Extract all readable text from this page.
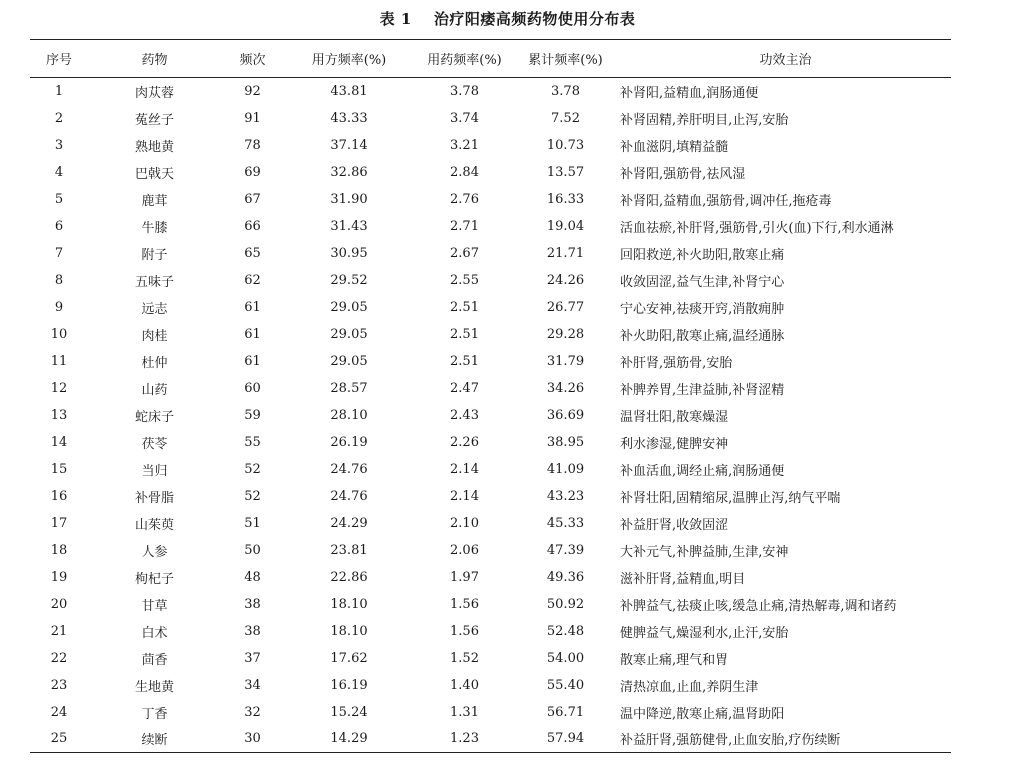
表 1 治疗阳痿高频药物使用分布表
序号	药物	频次	用方频率(%)	用药频率(%)	累计频率(%)	功效主治
1	肉苁蓉	92	43.81	3.78	3.78	补肾阳,益精血,润肠通便
2	菟丝子	91	43.33	3.74	7.52	补肾固精,养肝明目,止泻,安胎
3	熟地黄	78	37.14	3.21	10.73	补血滋阴,填精益髓
4	巴戟天	69	32.86	2.84	13.57	补肾阳,强筋骨,祛风湿
5	鹿茸	67	31.90	2.76	16.33	补肾阳,益精血,强筋骨,调冲任,拖疮毒
6	牛膝	66	31.43	2.71	19.04	活血祛瘀,补肝肾,强筋骨,引火(血)下行,利水通淋
7	附子	65	30.95	2.67	21.71	回阳救逆,补火助阳,散寒止痛
8	五味子	62	29.52	2.55	24.26	收敛固涩,益气生津,补肾宁心
9	远志	61	29.05	2.51	26.77	宁心安神,祛痰开窍,消散痈肿
10	肉桂	61	29.05	2.51	29.28	补火助阳,散寒止痛,温经通脉
11	杜仲	61	29.05	2.51	31.79	补肝肾,强筋骨,安胎
12	山药	60	28.57	2.47	34.26	补脾养胃,生津益肺,补肾涩精
13	蛇床子	59	28.10	2.43	36.69	温肾壮阳,散寒燥湿
14	茯苓	55	26.19	2.26	38.95	利水渗湿,健脾安神
15	当归	52	24.76	2.14	41.09	补血活血,调经止痛,润肠通便
16	补骨脂	52	24.76	2.14	43.23	补肾壮阳,固精缩尿,温脾止泻,纳气平喘
17	山茱萸	51	24.29	2.10	45.33	补益肝肾,收敛固涩
18	人参	50	23.81	2.06	47.39	大补元气,补脾益肺,生津,安神
19	枸杞子	48	22.86	1.97	49.36	滋补肝肾,益精血,明目
20	甘草	38	18.10	1.56	50.92	补脾益气,祛痰止咳,缓急止痛,清热解毒,调和诸药
21	白术	38	18.10	1.56	52.48	健脾益气,燥湿利水,止汗,安胎
22	茴香	37	17.62	1.52	54.00	散寒止痛,理气和胃
23	生地黄	34	16.19	1.40	55.40	清热凉血,止血,养阴生津
24	丁香	32	15.24	1.31	56.71	温中降逆,散寒止痛,温肾助阳
25	续断	30	14.29	1.23	57.94	补益肝肾,强筋健骨,止血安胎,疗伤续断
